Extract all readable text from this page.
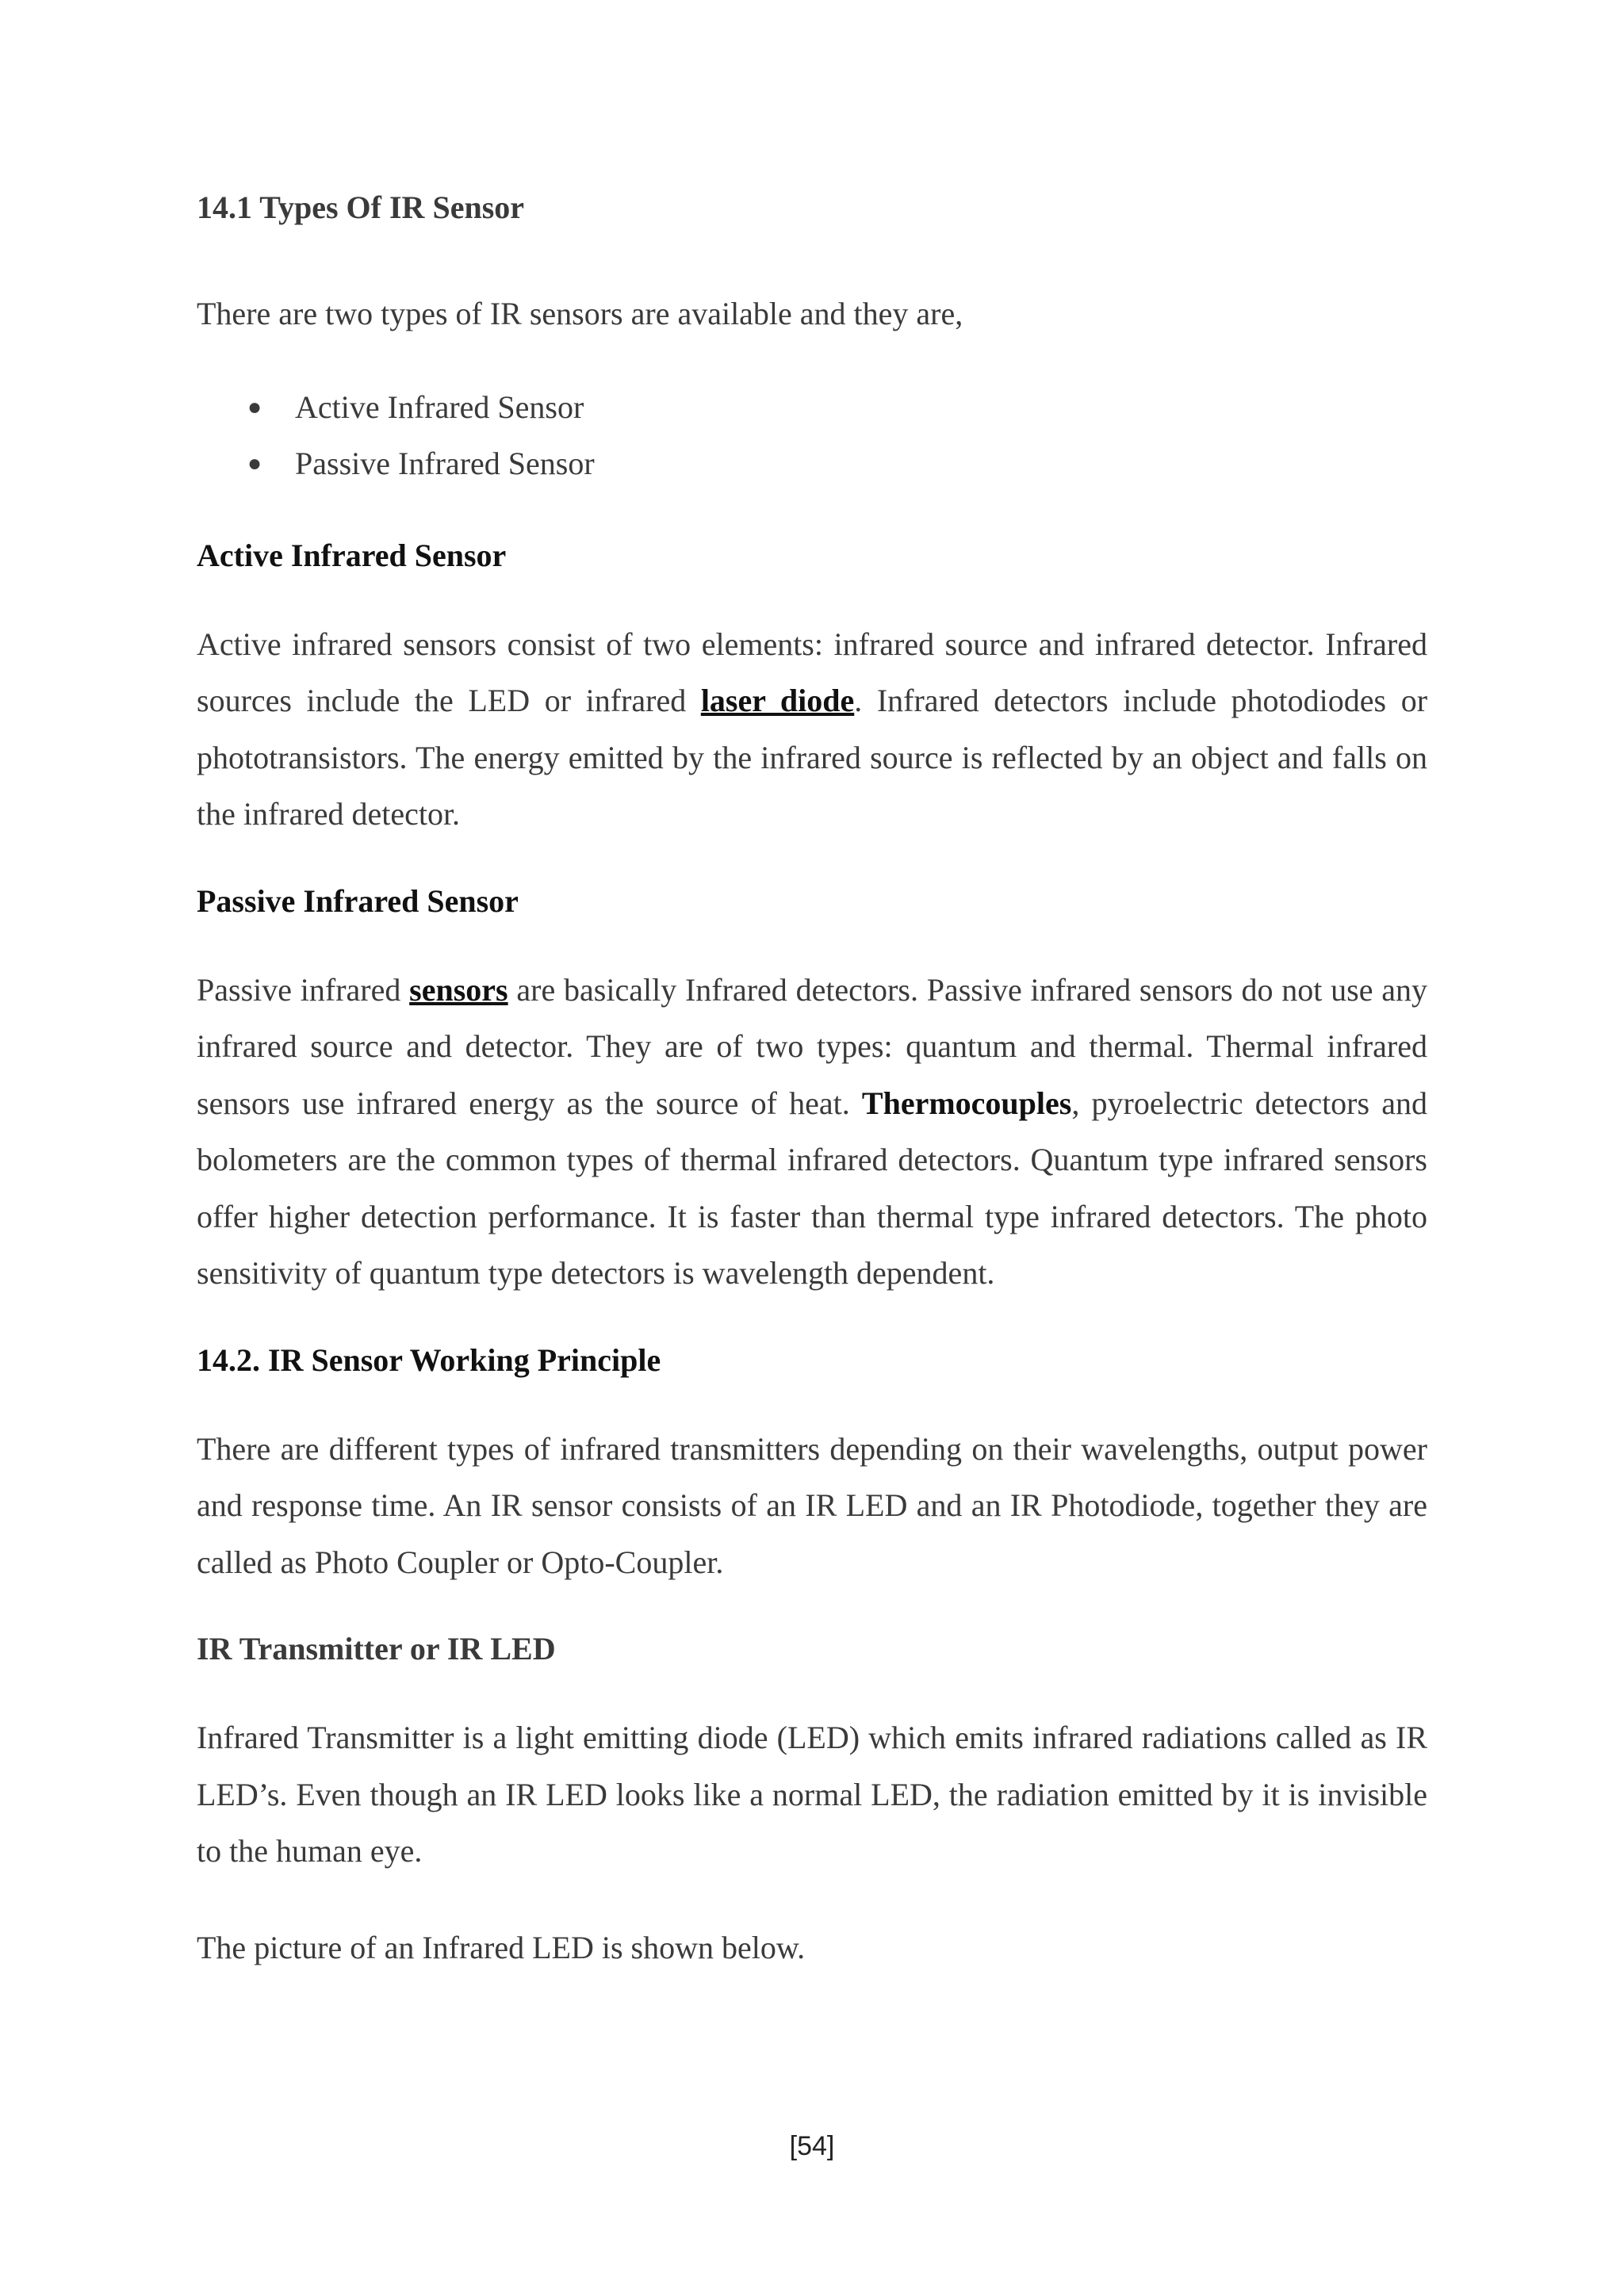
14.1 Types Of IR Sensor

There are two types of IR sensors are available and they are,

● Active Infrared Sensor
● Passive Infrared Sensor
Active Infrared Sensor

Active infrared sensors consist of two elements: infrared source and infrared detector. Infrared sources include the LED or infrared laser diode. Infrared detectors include photodiodes or phototransistors. The energy emitted by the infrared source is reflected by an object and falls on the infrared detector.

Passive Infrared Sensor

Passive infrared sensors are basically Infrared detectors. Passive infrared sensors do not use any infrared source and detector. They are of two types: quantum and thermal. Thermal infrared sensors use infrared energy as the source of heat. Thermocouples, pyroelectric detectors and bolometers are the common types of thermal infrared detectors. Quantum type infrared sensors offer higher detection performance. It is faster than thermal type infrared detectors. The photo sensitivity of quantum type detectors is wavelength dependent.

14.2. IR Sensor Working Principle

There are different types of infrared transmitters depending on their wavelengths, output power and response time. An IR sensor consists of an IR LED and an IR Photodiode, together they are called as Photo Coupler or Opto-Coupler.

IR Transmitter or IR LED

Infrared Transmitter is a light emitting diode (LED) which emits infrared radiations called as IR LED’s. Even though an IR LED looks like a normal LED, the radiation emitted by it is invisible to the human eye.

The picture of an Infrared LED is shown below.

[54]
